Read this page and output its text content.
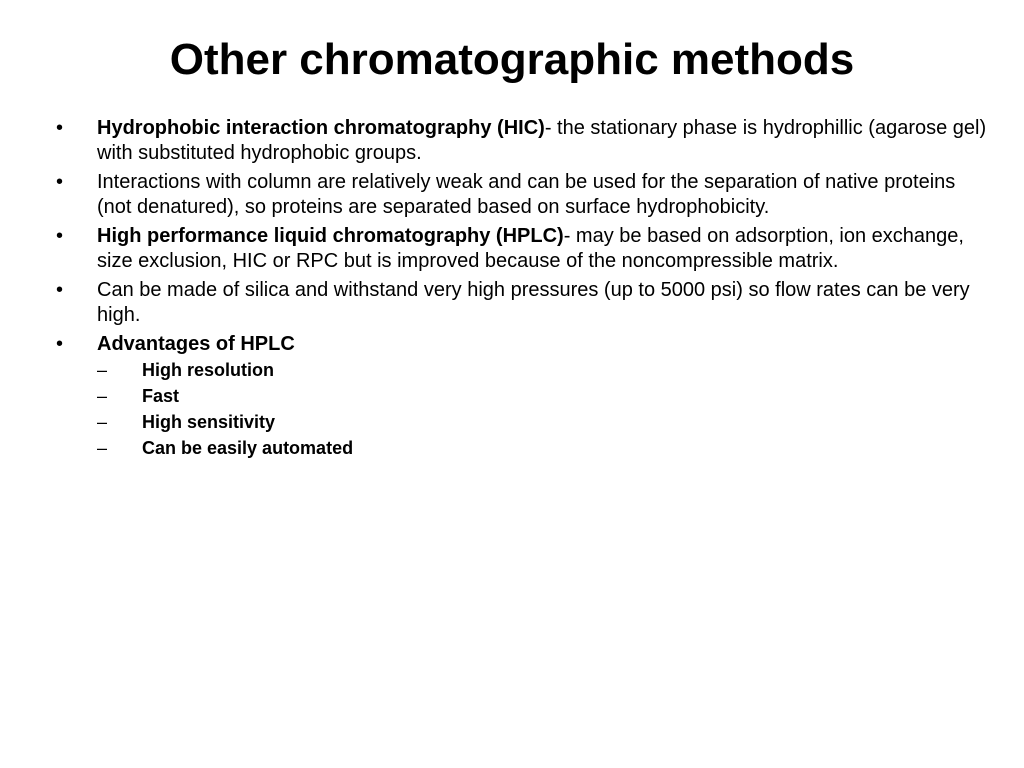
Other chromatographic methods
•	Hydrophobic interaction chromatography (HIC)- the stationary phase is hydrophillic (agarose gel) with substituted hydrophobic groups.
•	Interactions with column are relatively weak and can be used for the separation of native proteins (not denatured), so proteins are separated based on surface hydrophobicity.
•	High performance liquid chromatography (HPLC)- may be based on adsorption, ion exchange, size exclusion, HIC or RPC but is improved because of the noncompressible matrix.
•	Can be made of silica and withstand very high pressures (up to 5000 psi) so flow rates can be very high.
•	Advantages of HPLC
– High resolution
– Fast
– High sensitivity
– Can be easily automated
